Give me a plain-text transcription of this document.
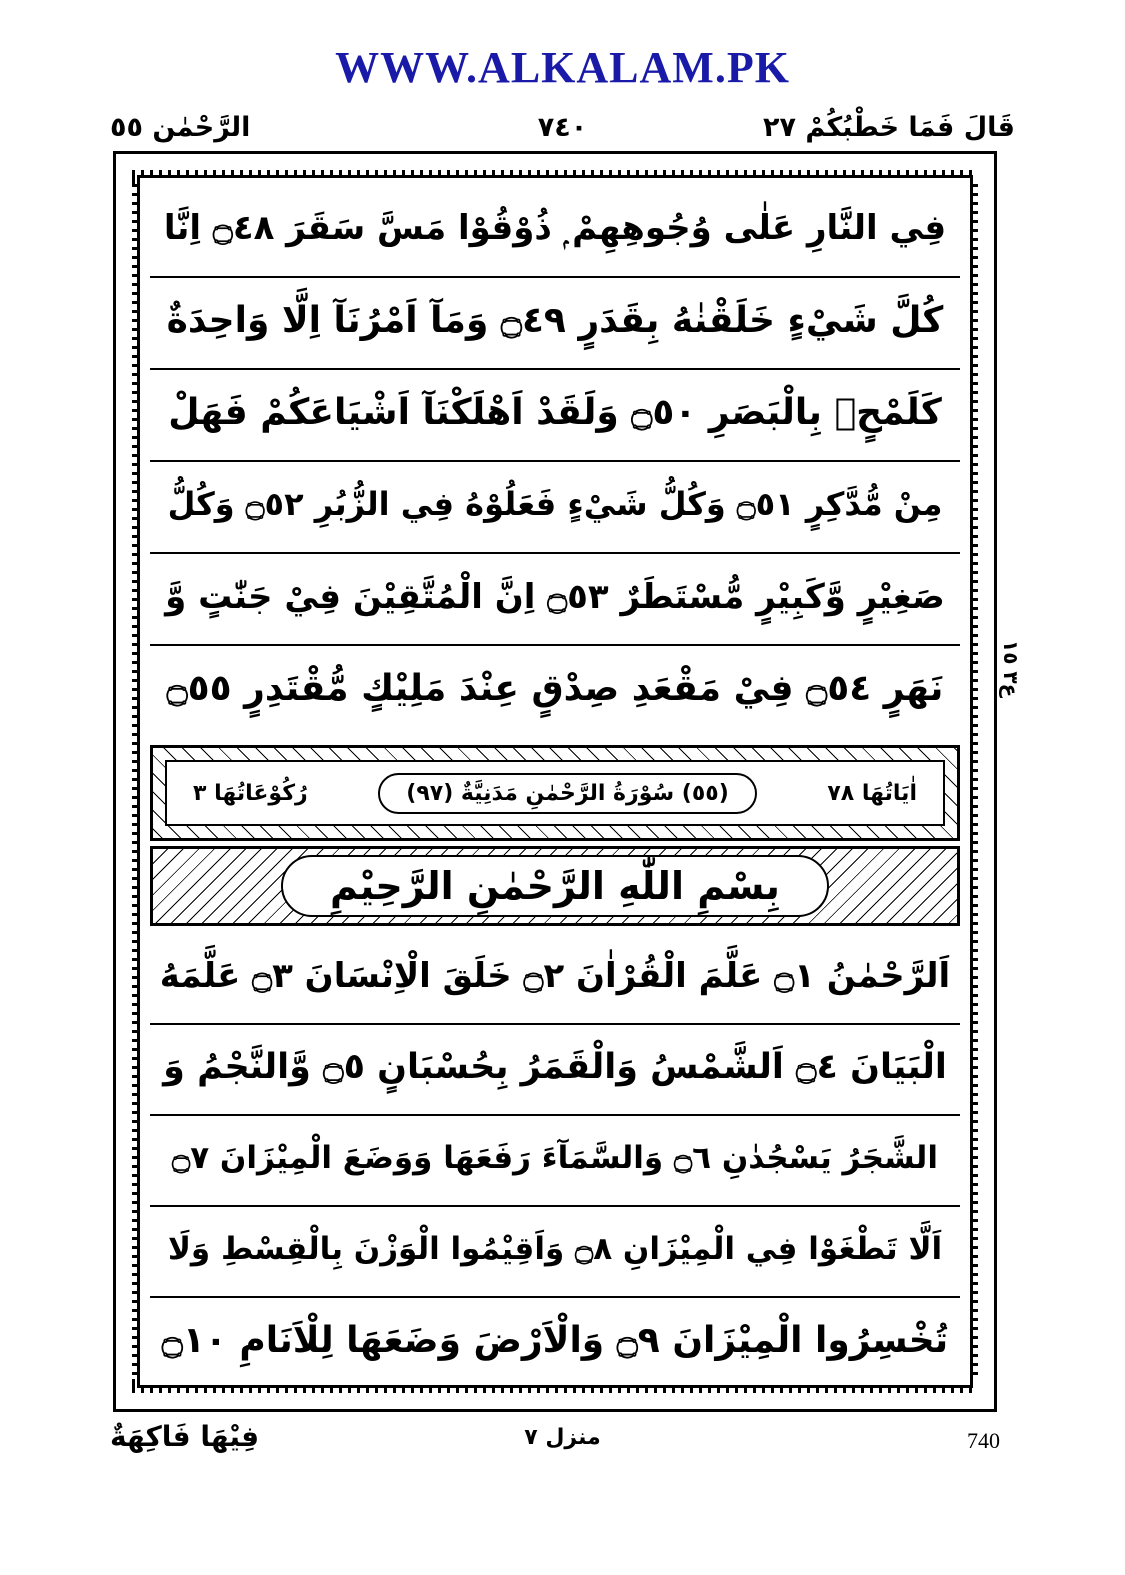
WWW.ALKALAM.PK
قَالَ فَمَا خَطْبُكُمْ ٢٧
٧٤٠
الرَّحْمٰن ٥٥
ع٣ ١٥
فِي النَّارِ عَلٰى وُجُوهِهِمْ ۭ ذُوْقُوْا مَسَّ سَقَرَ ۝٤٨ اِنَّا
كُلَّ شَيْءٍ خَلَقْنٰهُ بِقَدَرٍ ۝٤٩ وَمَآ اَمْرُنَآ اِلَّا وَاحِدَةٌ
كَلَمْحٍۭ بِالْبَصَرِ ۝٥٠ وَلَقَدْ اَهْلَكْنَآ اَشْيَاعَكُمْ فَهَلْ
مِنْ مُّدَّكِرٍ ۝٥١ وَكُلُّ شَيْءٍ فَعَلُوْهُ فِي الزُّبُرِ ۝٥٢ وَكُلُّ
صَغِيْرٍ وَّكَبِيْرٍ مُّسْتَطَرٌ ۝٥٣ اِنَّ الْمُتَّقِيْنَ فِيْ جَنّٰتٍ وَّ
نَهَرٍ ۝٥٤ فِيْ مَقْعَدِ صِدْقٍ عِنْدَ مَلِيْكٍ مُّقْتَدِرٍ ۝٥٥
اٰيَاتُهَا ٧٨
(٥٥) سُوْرَةُ الرَّحْمٰنِ مَدَنِيَّةٌ (٩٧)
رُكُوْعَاتُهَا ٣
بِسْمِ اللّٰهِ الرَّحْمٰنِ الرَّحِيْمِ
اَلرَّحْمٰنُ ۝١ عَلَّمَ الْقُرْاٰنَ ۝٢ خَلَقَ الْاِنْسَانَ ۝٣ عَلَّمَهُ
الْبَيَانَ ۝٤ اَلشَّمْسُ وَالْقَمَرُ بِحُسْبَانٍ ۝٥ وَّالنَّجْمُ وَ
الشَّجَرُ يَسْجُدٰنِ ۝٦ وَالسَّمَآءَ رَفَعَهَا وَوَضَعَ الْمِيْزَانَ ۝٧
اَلَّا تَطْغَوْا فِي الْمِيْزَانِ ۝٨ وَاَقِيْمُوا الْوَزْنَ بِالْقِسْطِ وَلَا
تُخْسِرُوا الْمِيْزَانَ ۝٩ وَالْاَرْضَ وَضَعَهَا لِلْاَنَامِ ۝١٠
فِيْهَا فَاكِهَةٌ	منزل ٧	740
